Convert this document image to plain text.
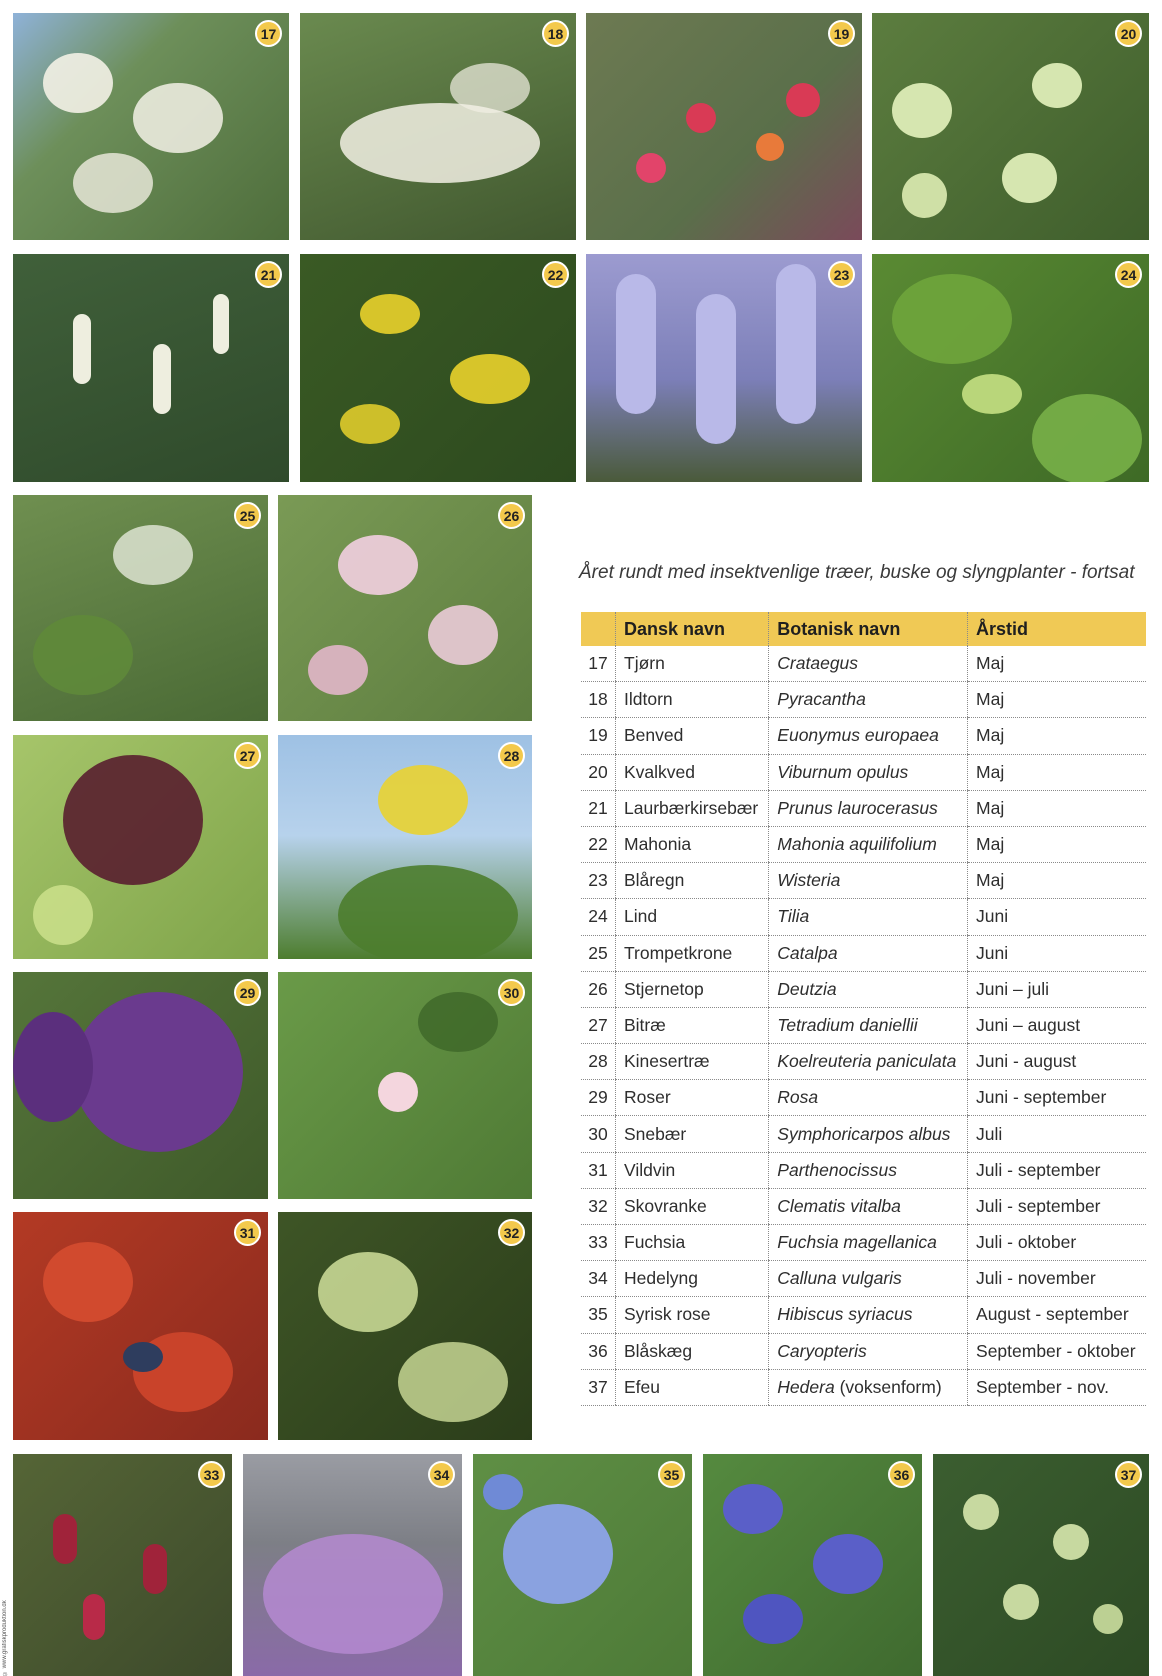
17	18	19	20
21	22	23	24
25	26
27	28
29	30
31	32
33	34	35	36	37
Året rundt med insektvenlige træer, buske og slyngplanter - fortsat
	Dansk navn	Botanisk navn	Årstid
17	Tjørn	Crataegus	Maj
18	Ildtorn	Pyracantha	Maj
19	Benved	Euonymus europaea	Maj
20	Kvalkved	Viburnum opulus	Maj
21	Laurbærkirsebær	Prunus laurocerasus	Maj
22	Mahonia	Mahonia aquilifolium	Maj
23	Blåregn	Wisteria	Maj
24	Lind	Tilia	Juni
25	Trompetkrone	Catalpa	Juni
26	Stjernetop	Deutzia	Juni – juli
27	Bitræ	Tetradium daniellii	Juni – august
28	Kinesertræ	Koelreuteria paniculata	Juni - august
29	Roser	Rosa	Juni - september
30	Snebær	Symphoricarpos albus	Juli
31	Vildvin	Parthenocissus	Juli - september
32	Skovranke	Clematis vitalba	Juli - september
33	Fuchsia	Fuchsia magellanica	Juli - oktober
34	Hedelyng	Calluna vulgaris	Juli - november
35	Syrisk rose	Hibiscus syriacus	August - september
36	Blåskæg	Caryopteris	September - oktober
37	Efeu	Hedera (voksenform)	September - nov.
© www.grafiskproduktion.dk
